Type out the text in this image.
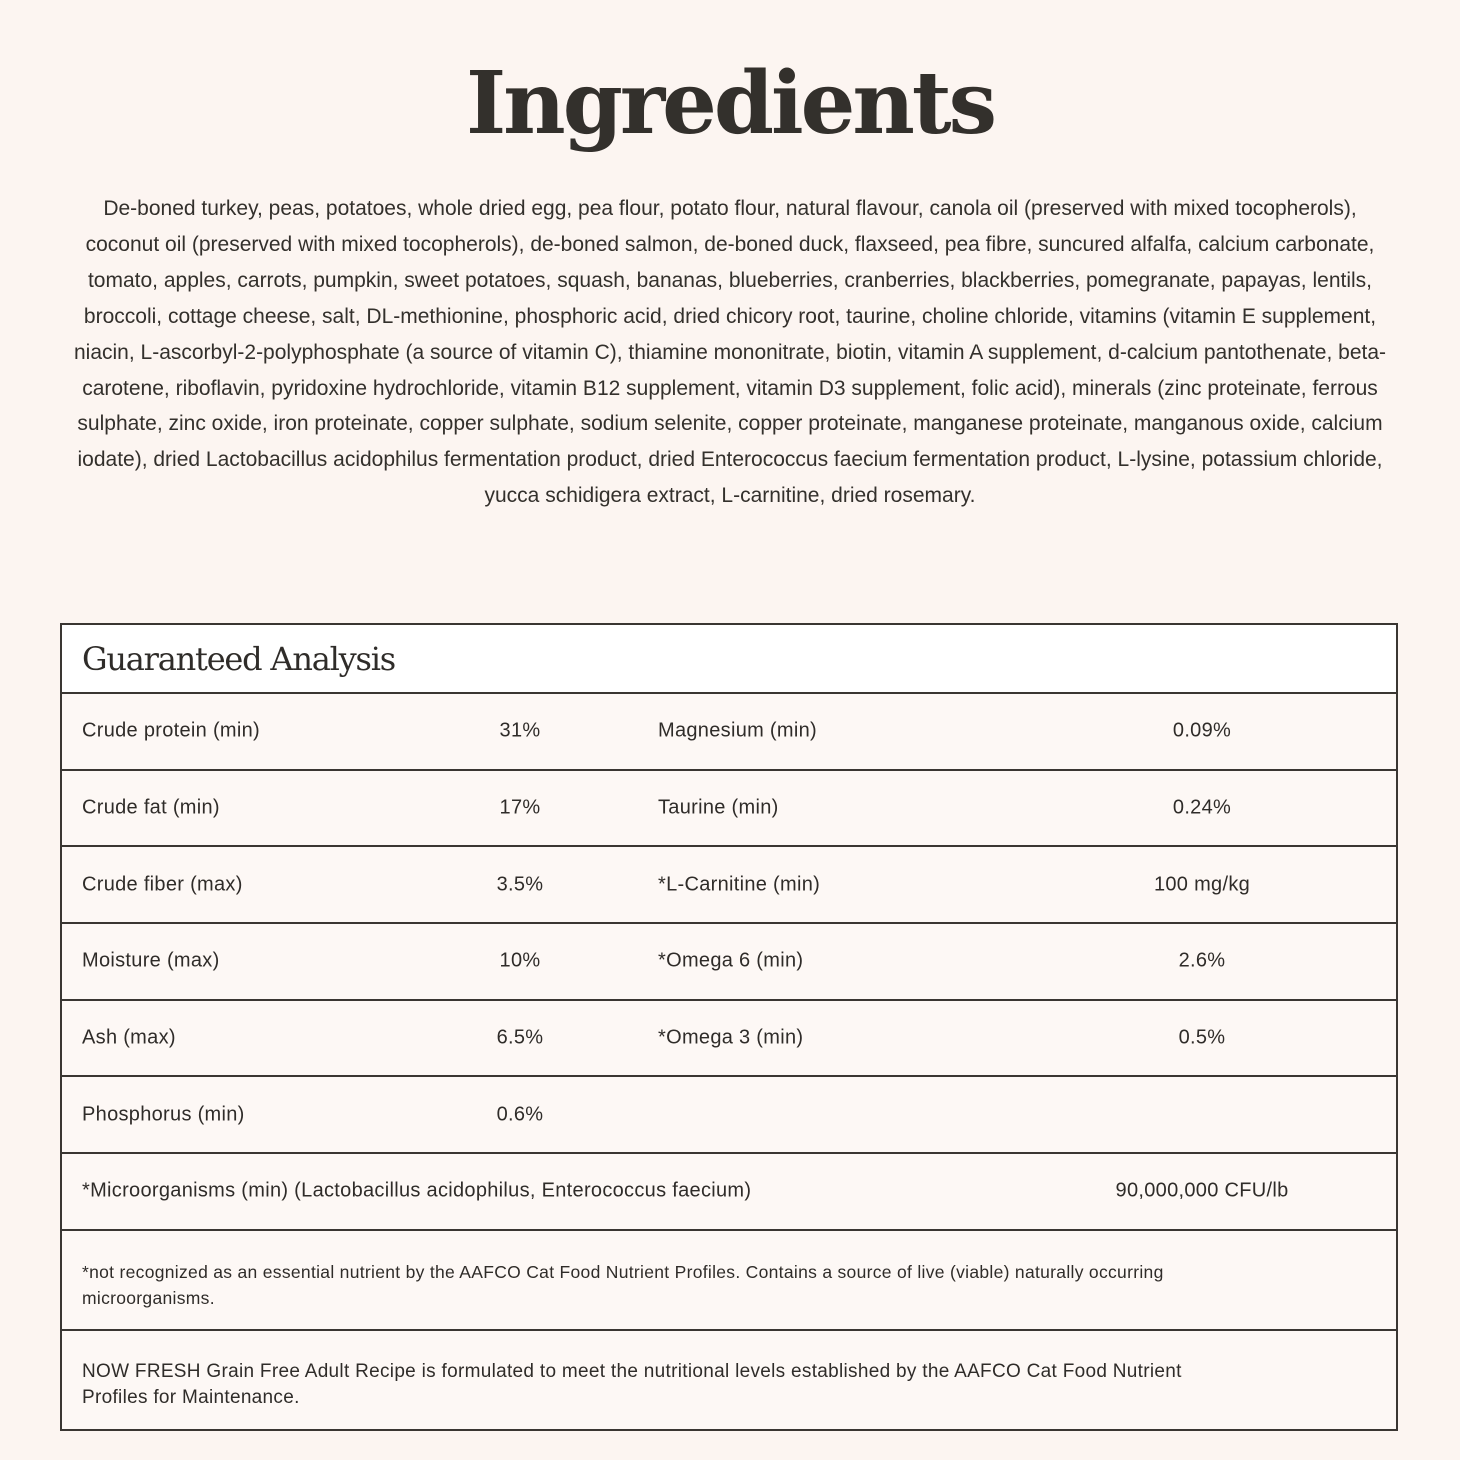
Ingredients

De-boned turkey, peas, potatoes, whole dried egg, pea flour, potato flour, natural flavour, canola oil (preserved with mixed tocopherols), coconut oil (preserved with mixed tocopherols), de-boned salmon, de-boned duck, flaxseed, pea fibre, suncured alfalfa, calcium carbonate, tomato, apples, carrots, pumpkin, sweet potatoes, squash, bananas, blueberries, cranberries, blackberries, pomegranate, papayas, lentils, broccoli, cottage cheese, salt, DL-methionine, phosphoric acid, dried chicory root, taurine, choline chloride, vitamins (vitamin E supplement, niacin, L-ascorbyl-2-polyphosphate (a source of vitamin C), thiamine mononitrate, biotin, vitamin A supplement, d-calcium pantothenate, beta-carotene, riboflavin, pyridoxine hydrochloride, vitamin B12 supplement, vitamin D3 supplement, folic acid), minerals (zinc proteinate, ferrous sulphate, zinc oxide, iron proteinate, copper sulphate, sodium selenite, copper proteinate, manganese proteinate, manganous oxide, calcium iodate), dried Lactobacillus acidophilus fermentation product, dried Enterococcus faecium fermentation product, L-lysine, potassium chloride, yucca schidigera extract, L-carnitine, dried rosemary.

Guaranteed Analysis
Crude protein (min)	31%	Magnesium (min)	0.09%
Crude fat (min)	17%	Taurine (min)	0.24%
Crude fiber (max)	3.5%	*L-Carnitine (min)	100 mg/kg
Moisture (max)	10%	*Omega 6 (min)	2.6%
Ash (max)	6.5%	*Omega 3 (min)	0.5%
Phosphorus (min)	0.6%
*Microorganisms (min) (Lactobacillus acidophilus, Enterococcus faecium)	90,000,000 CFU/lb
*not recognized as an essential nutrient by the AAFCO Cat Food Nutrient Profiles. Contains a source of live (viable) naturally occurring microorganisms.
NOW FRESH Grain Free Adult Recipe is formulated to meet the nutritional levels established by the AAFCO Cat Food Nutrient Profiles for Maintenance.
